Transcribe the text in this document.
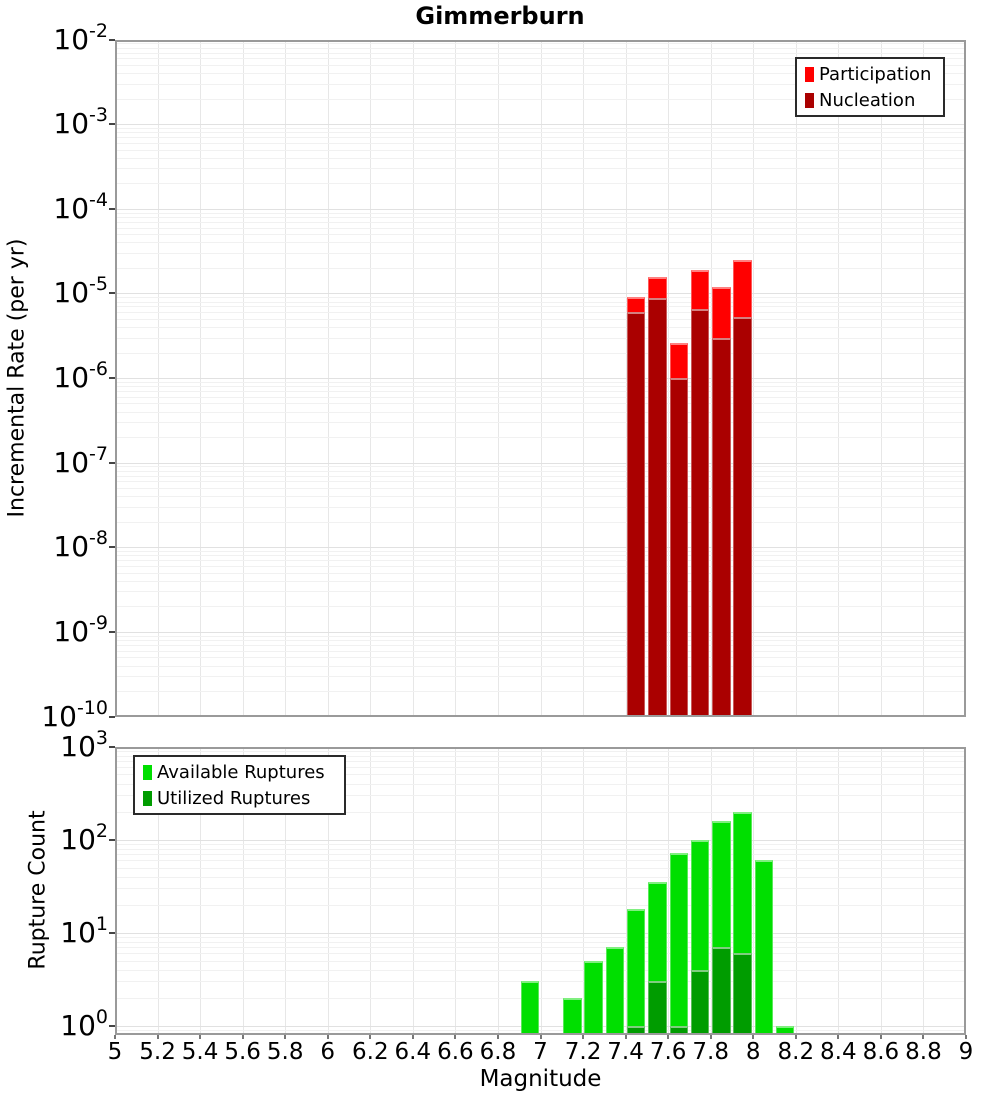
Gimmerburn
Incremental Rate (per yr)
Rupture Count
Magnitude
Participation
Nucleation
Available Ruptures
Utilized Ruptures
$10^{-2}$
$10^{-3}$
$10^{-4}$
$10^{-5}$
$10^{-6}$
$10^{-7}$
$10^{-8}$
$10^{-9}$
$10^{-10}$
$10^3$
$10^2$
$10^1$
$10^0$
5 5.2 5.4 5.6 5.8 6 6.2 6.4 6.6 6.8 7 7.2 7.4 7.6 7.8 8 8.2 8.4 8.6 8.8 9
